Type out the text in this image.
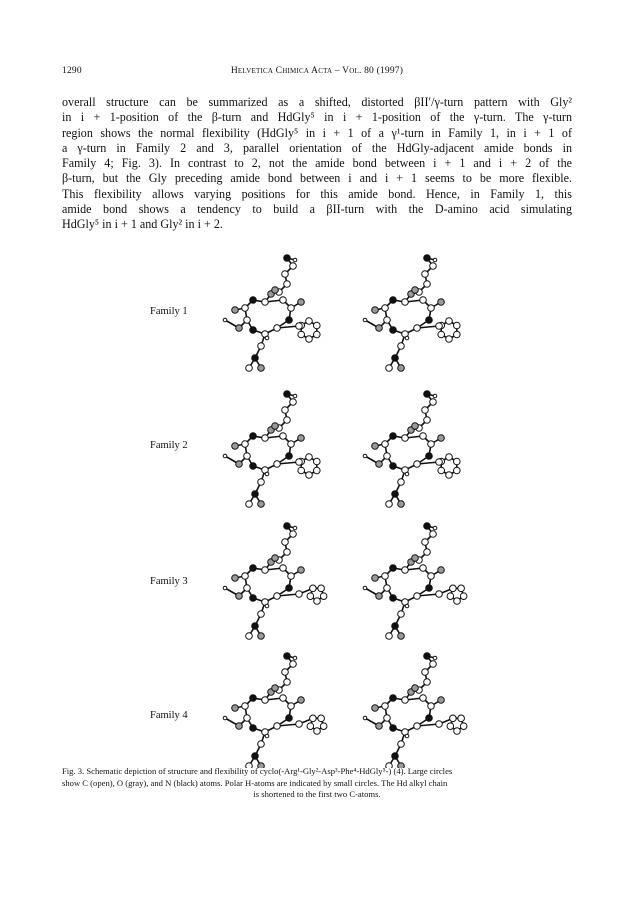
1290	Helvetica Chimica Acta – Vol. 80 (1997)
overall structure can be summarized as a shifted, distorted βII′/γ-turn pattern with Gly²
in i + 1-position of the β-turn and HdGly⁵ in i + 1-position of the γ-turn. The γ-turn
region shows the normal flexibility (HdGly⁵ in i + 1 of a γ¹-turn in Family 1, in i + 1 of
a γ-turn in Family 2 and 3, parallel orientation of the HdGly-adjacent amide bonds in
Family 4; Fig. 3). In contrast to 2, not the amide bond between i + 1 and i + 2 of the
β-turn, but the Gly preceding amide bond between i and i + 1 seems to be more flexible.
This flexibility allows varying positions for this amide bond. Hence, in Family 1, this
amide bond shows a tendency to build a βII-turn with the D-amino acid simulating
HdGly⁵ in i + 1 and Gly² in i + 2.
Family 1
Family 2
Family 3
Family 4
Fig. 3. Schematic depiction of structure and flexibility of cyclo(-Arg¹-Gly²-Asp³-Phe⁴-HdGly⁵-) (4). Large circles
show C (open), O (gray), and N (black) atoms. Polar H-atoms are indicated by small circles. The Hd alkyl chain
is shortened to the first two C-atoms.
